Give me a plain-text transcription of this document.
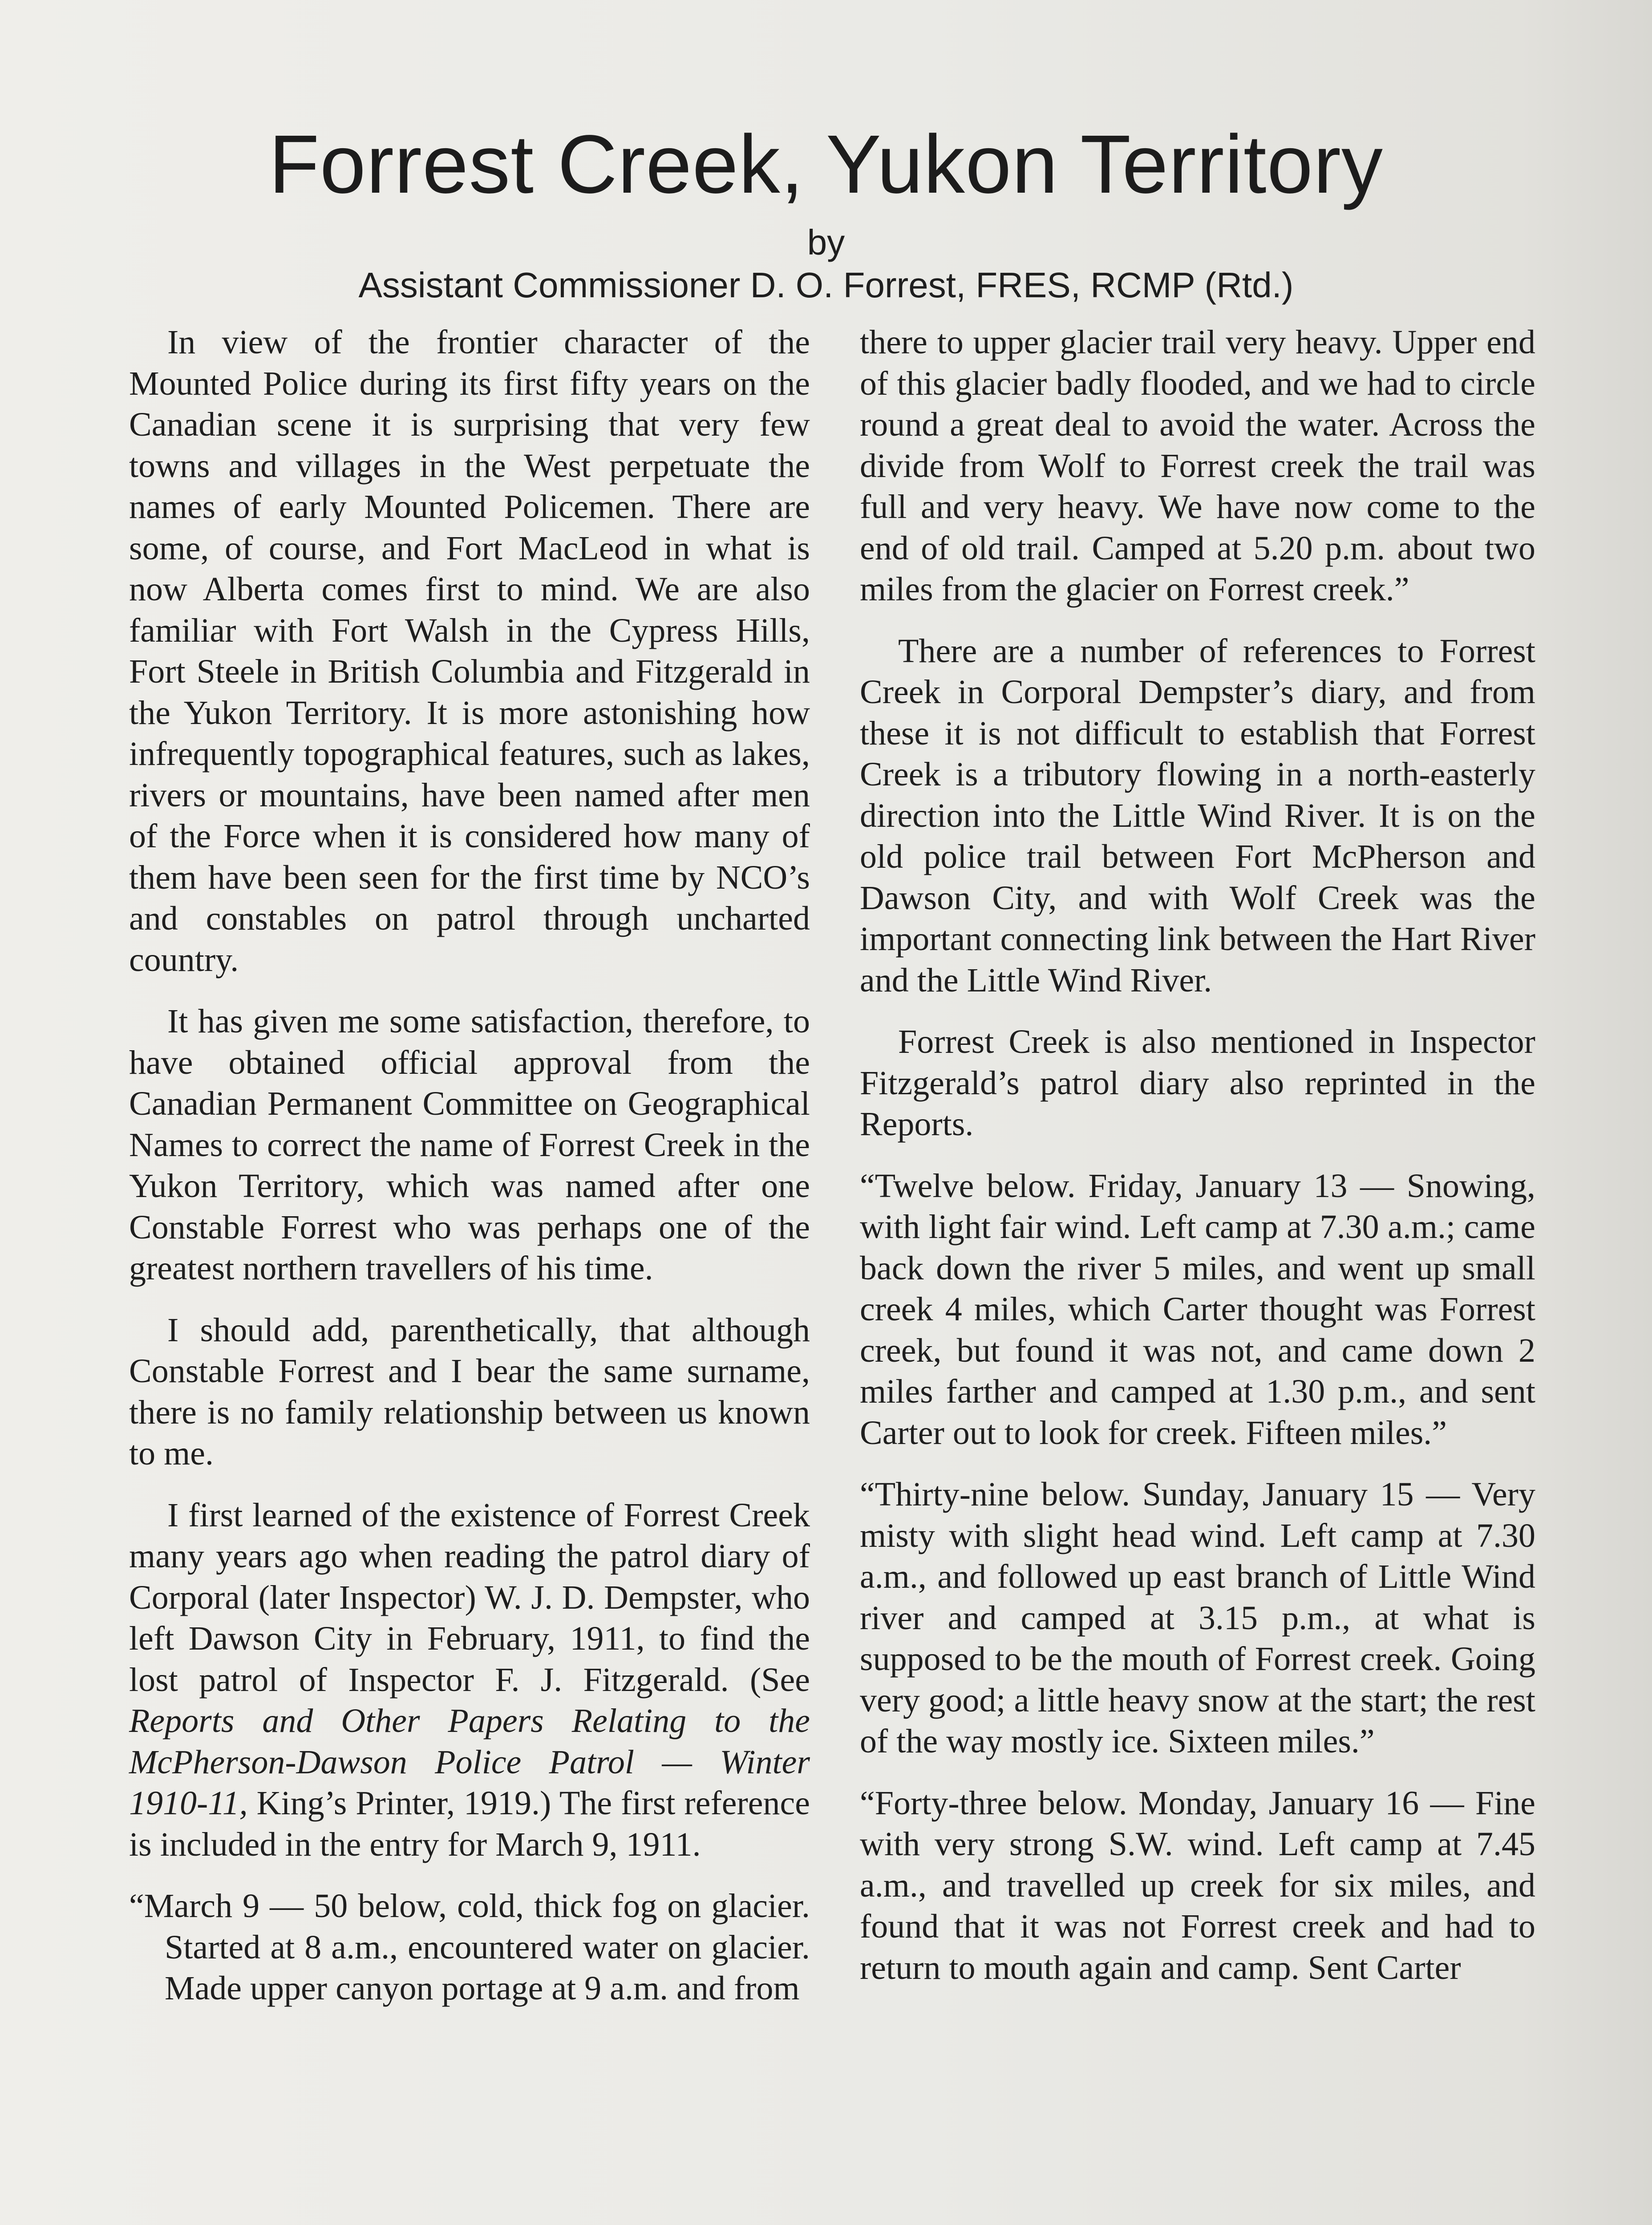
Forrest Creek, Yukon Territory
by
Assistant Commissioner D. O. Forrest, FRES, RCMP (Rtd.)

In view of the frontier character of the Mounted Police during its first fifty years on the Canadian scene it is surprising that very few towns and villages in the West perpetuate the names of early Mounted Policemen. There are some, of course, and Fort MacLeod in what is now Alberta comes first to mind. We are also familiar with Fort Walsh in the Cypress Hills, Fort Steele in British Columbia and Fitzgerald in the Yukon Territory. It is more astonishing how infrequently topographical features, such as lakes, rivers or mountains, have been named after men of the Force when it is considered how many of them have been seen for the first time by NCO’s and constables on patrol through uncharted country.

It has given me some satisfaction, therefore, to have obtained official approval from the Canadian Permanent Committee on Geographical Names to correct the name of Forrest Creek in the Yukon Territory, which was named after one Constable Forrest who was perhaps one of the greatest northern travellers of his time.

I should add, parenthetically, that although Constable Forrest and I bear the same surname, there is no family relationship between us known to me.

I first learned of the existence of Forrest Creek many years ago when reading the patrol diary of Corporal (later Inspector) W. J. D. Dempster, who left Dawson City in February, 1911, to find the lost patrol of Inspector F. J. Fitzgerald. (See Reports and Other Papers Relating to the McPherson-Dawson Police Patrol — Winter 1910-11, King’s Printer, 1919.) The first reference is included in the entry for March 9, 1911.

“March 9 — 50 below, cold, thick fog on glacier. Started at 8 a.m., encountered water on glacier. Made upper canyon portage at 9 a.m. and from

there to upper glacier trail very heavy. Upper end of this glacier badly flooded, and we had to circle round a great deal to avoid the water. Across the divide from Wolf to Forrest creek the trail was full and very heavy. We have now come to the end of old trail. Camped at 5.20 p.m. about two miles from the glacier on Forrest creek.”

There are a number of references to Forrest Creek in Corporal Dempster’s diary, and from these it is not difficult to establish that Forrest Creek is a tributory flowing in a north-easterly direction into the Little Wind River. It is on the old police trail between Fort McPherson and Dawson City, and with Wolf Creek was the important connecting link between the Hart River and the Little Wind River.

Forrest Creek is also mentioned in Inspector Fitzgerald’s patrol diary also reprinted in the Reports.

“Twelve below. Friday, January 13 — Snowing, with light fair wind. Left camp at 7.30 a.m.; came back down the river 5 miles, and went up small creek 4 miles, which Carter thought was Forrest creek, but found it was not, and came down 2 miles farther and camped at 1.30 p.m., and sent Carter out to look for creek. Fifteen miles.”

“Thirty-nine below. Sunday, January 15 — Very misty with slight head wind. Left camp at 7.30 a.m., and followed up east branch of Little Wind river and camped at 3.15 p.m., at what is supposed to be the mouth of Forrest creek. Going very good; a little heavy snow at the start; the rest of the way mostly ice. Sixteen miles.”

“Forty-three below. Monday, January 16 — Fine with very strong S.W. wind. Left camp at 7.45 a.m., and travelled up creek for six miles, and found that it was not Forrest creek and had to return to mouth again and camp. Sent Carter
